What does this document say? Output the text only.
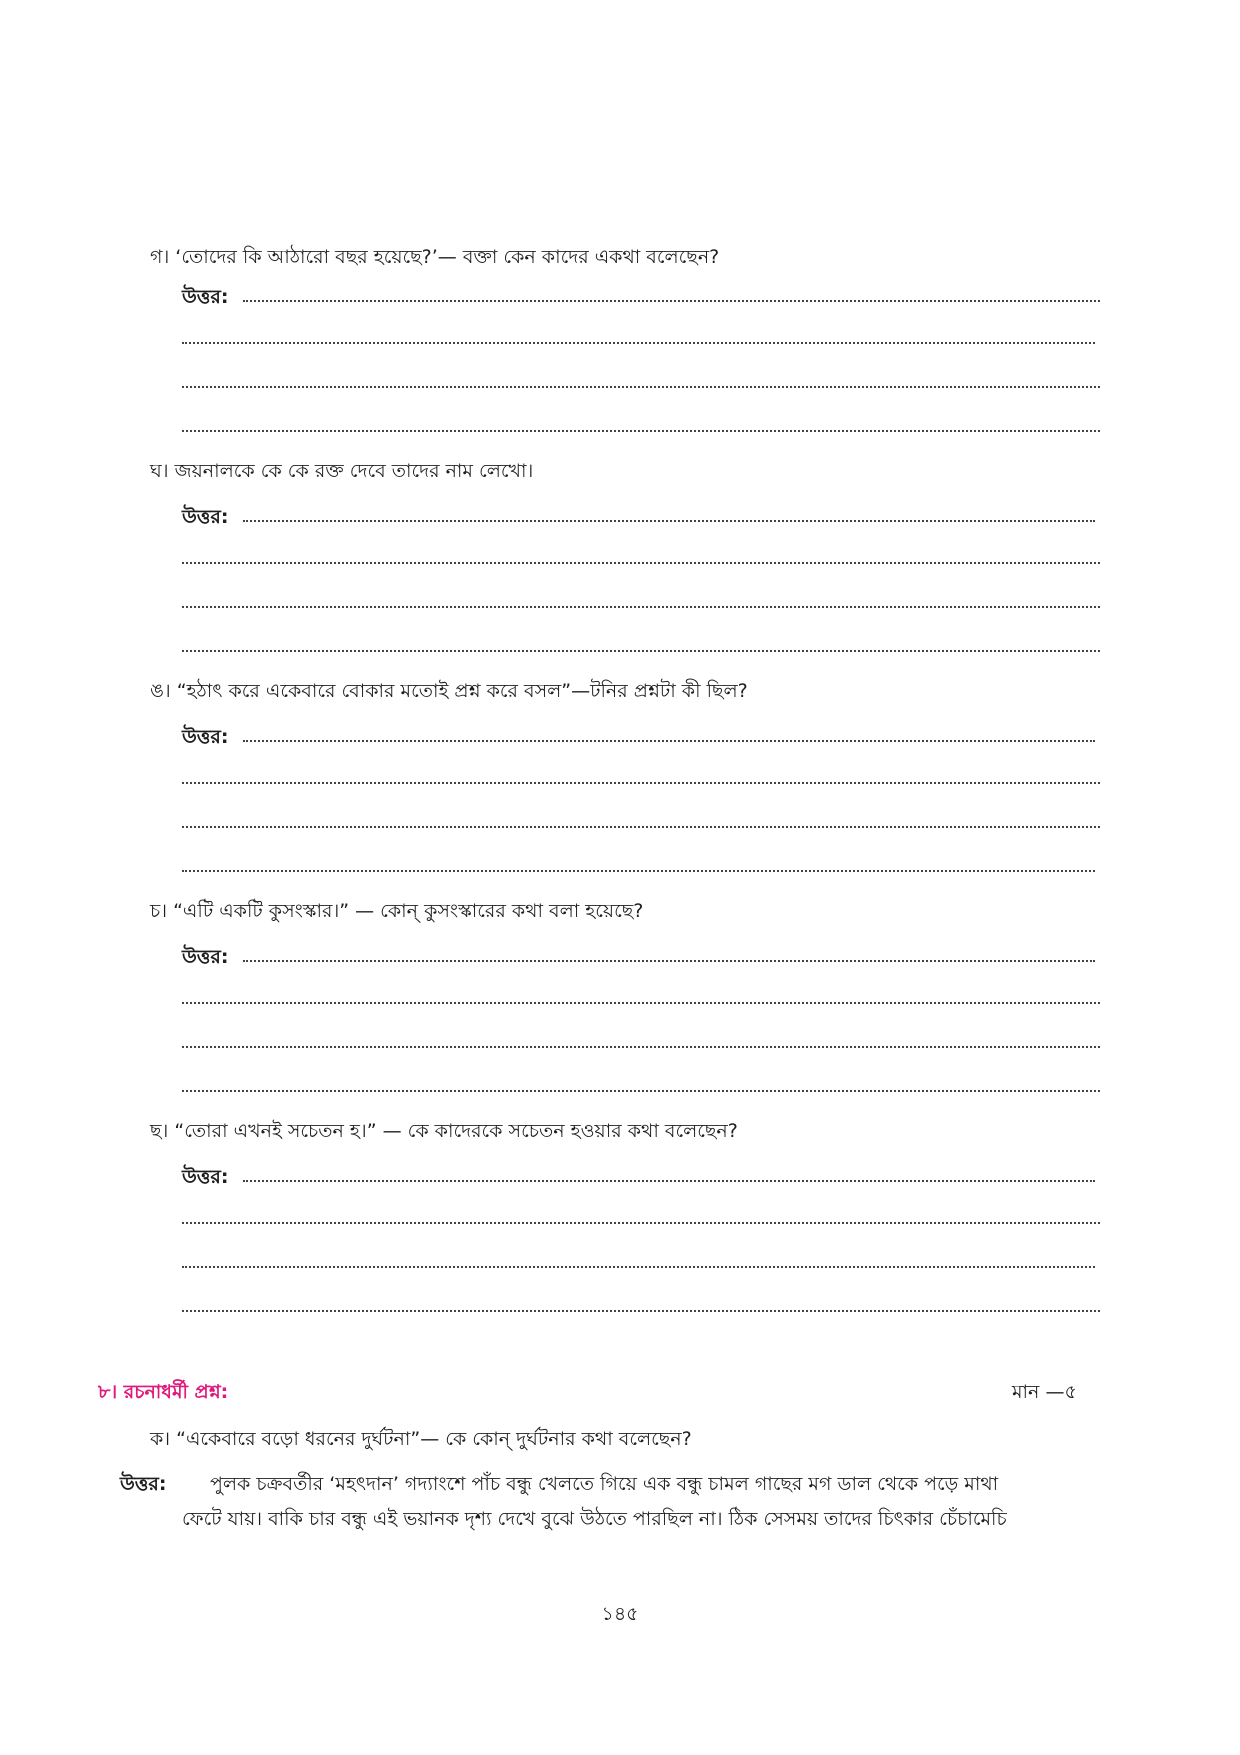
গ। ‘তোদের কি আঠারো বছর হয়েছে?’— বক্তা কেন কাদের একথা বলেছেন?
উত্তর:
ঘ। জয়নালকে কে কে রক্ত দেবে তাদের নাম লেখো।
উত্তর:
ঙ। “হঠাৎ করে একেবারে বোকার মতোই প্রশ্ন করে বসল”—টনির প্রশ্নটা কী ছিল?
উত্তর:
চ। “এটি একটি কুসংস্কার।” — কোন্ কুসংস্কারের কথা বলা হয়েছে?
উত্তর:
ছ। “তোরা এখনই সচেতন হ।” — কে কাদেরকে সচেতন হওয়ার কথা বলেছেন?
উত্তর:
৮। রচনাধর্মী প্রশ্ন:	মান —৫
ক। “একেবারে বড়ো ধরনের দুর্ঘটনা”— কে কোন্ দুর্ঘটনার কথা বলেছেন?
উত্তর: পুলক চক্রবর্তীর ‘মহৎদান’ গদ্যাংশে পাঁচ বন্ধু খেলতে গিয়ে এক বন্ধু চামল গাছের মগ ডাল থেকে পড়ে মাথা
ফেটে যায়। বাকি চার বন্ধু এই ভয়ানক দৃশ্য দেখে বুঝে উঠতে পারছিল না। ঠিক সেসময় তাদের চিৎকার চেঁচামেচি
১৪৫
